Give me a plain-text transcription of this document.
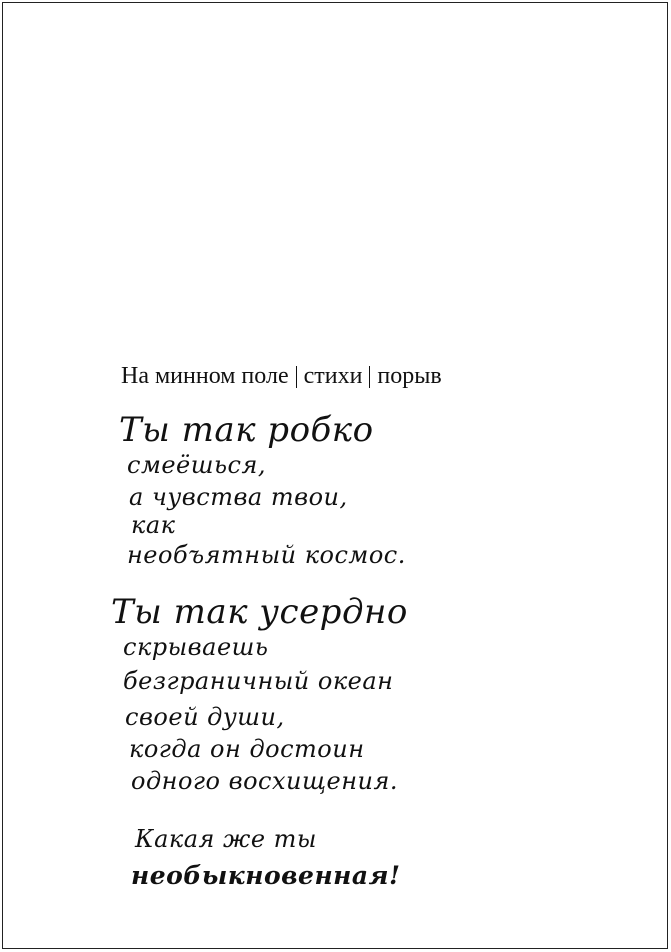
На минном поле стихи порыв
Ты так робко
смеёшься,
а чувства твои,
как
необъятный космос.
Ты так усердно
скрываешь
безграничный океан
своей души,
когда он достоин
одного восхищения.
Какая же ты
необыкновенная!
